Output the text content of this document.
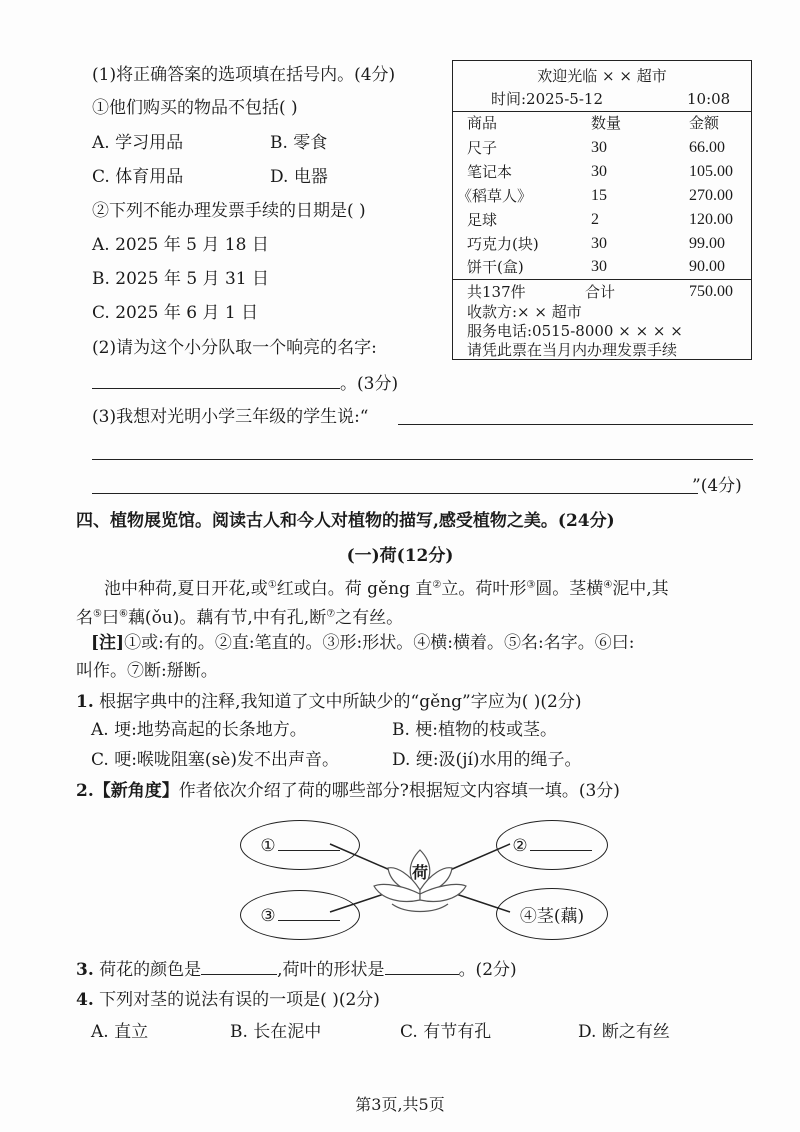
(1)将正确答案的选项填在括号内。(4分)
①他们购买的物品不包括( )
A. 学习用品	B. 零食
C. 体育用品	D. 电器
②下列不能办理发票手续的日期是( )
A. 2025 年 5 月 18 日
B. 2025 年 5 月 31 日
C. 2025 年 6 月 1 日
(2)请为这个小分队取一个响亮的名字:
。(3分)
(3)我想对光明小学三年级的学生说:“
”(4分)
欢迎光临 × × 超市
时间:2025-5-12	10:08
商品	数量	金额
尺子	30	66.00
笔记本	30	105.00
《稻草人》	15	270.00
足球	2	120.00
巧克力(块)	30	99.00
饼干(盒)	30	90.00
共137件	合计	750.00
收款方:× × 超市
服务电话:0515-8000 × × × ×
请凭此票在当月内办理发票手续
四、植物展览馆。阅读古人和今人对植物的描写,感受植物之美。(24分)
(一)荷(12分)
池中种荷,夏日开花,或①红或白。荷 gěng 直②立。荷叶形③圆。茎横④泥中,其
名⑤曰⑥藕(ǒu)。藕有节,中有孔,断⑦之有丝。
[注]①或:有的。②直:笔直的。③形:形状。④横:横着。⑤名:名字。⑥曰:
叫作。⑦断:掰断。
1. 根据字典中的注释,我知道了文中所缺少的“gěng”字应为( )(2分)
A. 埂:地势高起的长条地方。	B. 梗:植物的枝或茎。
C. 哽:喉咙阻塞(sè)发不出声音。	D. 绠:汲(jí)水用的绳子。
2.【新角度】作者依次介绍了荷的哪些部分?根据短文内容填一填。(3分)
荷
①	②
③	④茎(藕)
3. 荷花的颜色是	,荷叶的形状是	。(2分)
4. 下列对茎的说法有误的一项是( )(2分)
A. 直立	B. 长在泥中	C. 有节有孔	D. 断之有丝
第3页,共5页
